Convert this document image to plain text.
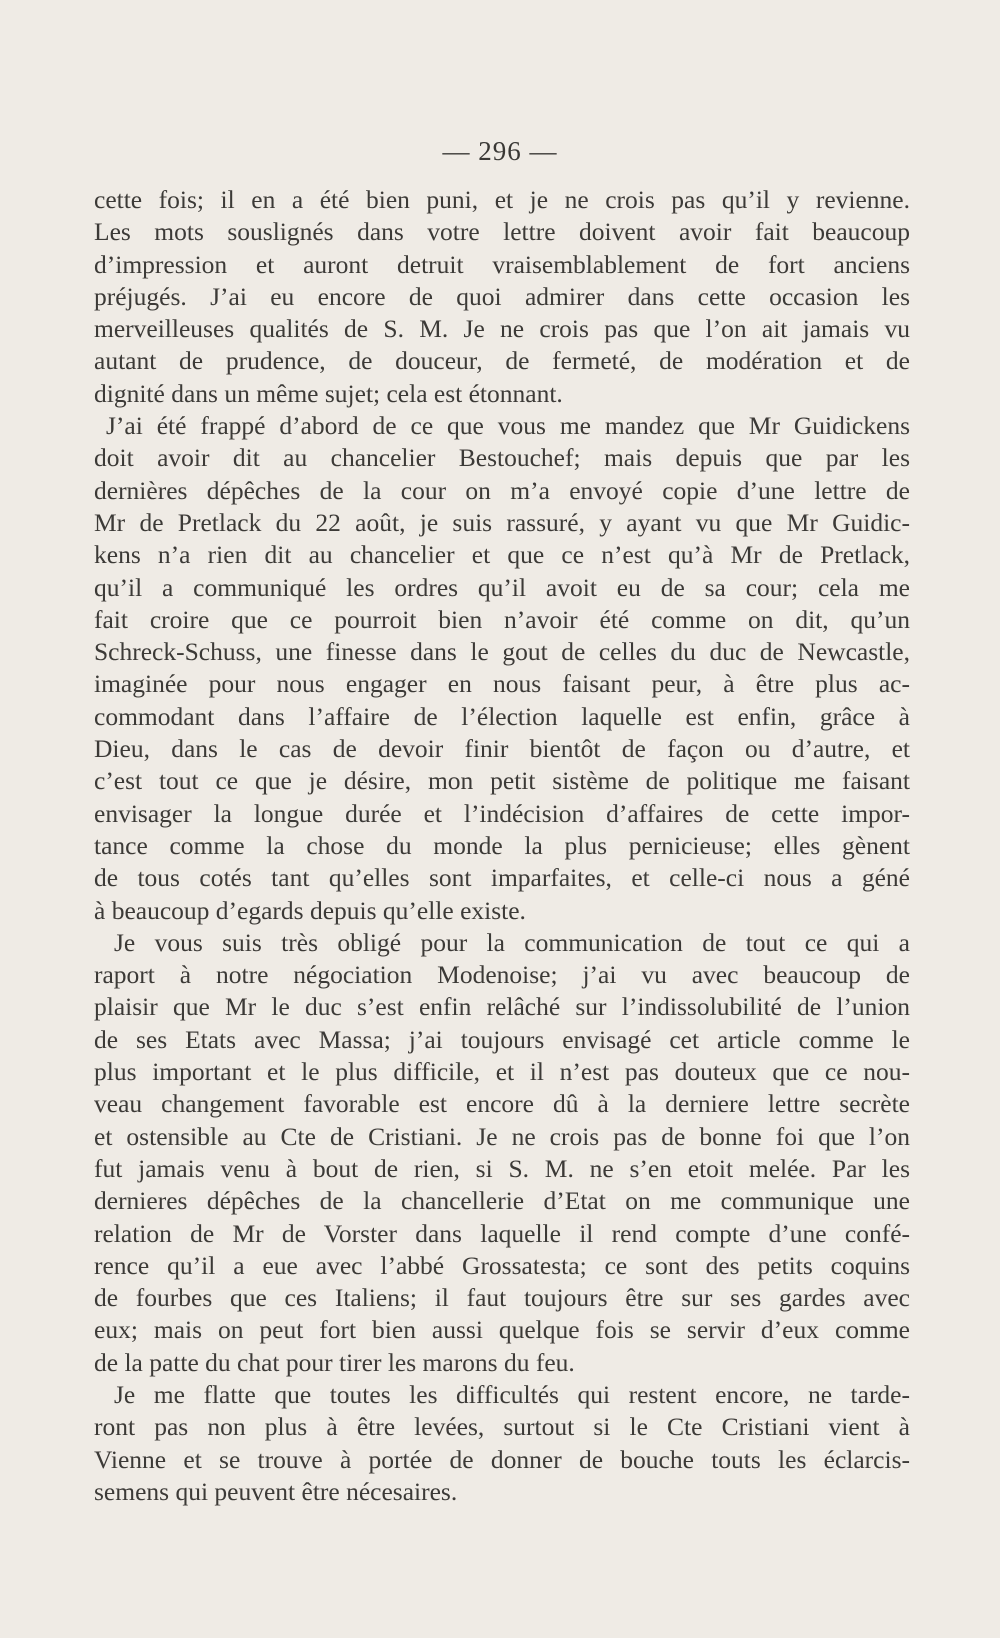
— 296 —
cette fois; il en a été bien puni, et je ne crois pas qu’il y revienne.
Les mots souslignés dans votre lettre doivent avoir fait beaucoup
d’impression et auront detruit vraisemblablement de fort anciens
préjugés. J’ai eu encore de quoi admirer dans cette occasion les
merveilleuses qualités de S. M. Je ne crois pas que l’on ait jamais vu
autant de prudence, de douceur, de fermeté, de modération et de
dignité dans un même sujet; cela est étonnant.
J’ai été frappé d’abord de ce que vous me mandez que Mr Guidickens
doit avoir dit au chancelier Bestouchef; mais depuis que par les
dernières dépêches de la cour on m’a envoyé copie d’une lettre de
Mr de Pretlack du 22 août, je suis rassuré, y ayant vu que Mr Guidic-
kens n’a rien dit au chancelier et que ce n’est qu’à Mr de Pretlack,
qu’il a communiqué les ordres qu’il avoit eu de sa cour; cela me
fait croire que ce pourroit bien n’avoir été comme on dit, qu’un
Schreck-Schuss, une finesse dans le gout de celles du duc de Newcastle,
imaginée pour nous engager en nous faisant peur, à être plus ac-
commodant dans l’affaire de l’élection laquelle est enfin, grâce à
Dieu, dans le cas de devoir finir bientôt de façon ou d’autre, et
c’est tout ce que je désire, mon petit sistème de politique me faisant
envisager la longue durée et l’indécision d’affaires de cette impor-
tance comme la chose du monde la plus pernicieuse; elles gènent
de tous cotés tant qu’elles sont imparfaites, et celle-ci nous a géné
à beaucoup d’egards depuis qu’elle existe.
Je vous suis très obligé pour la communication de tout ce qui a
raport à notre négociation Modenoise; j’ai vu avec beaucoup de
plaisir que Mr le duc s’est enfin relâché sur l’indissolubilité de l’union
de ses Etats avec Massa; j’ai toujours envisagé cet article comme le
plus important et le plus difficile, et il n’est pas douteux que ce nou-
veau changement favorable est encore dû à la derniere lettre secrète
et ostensible au Cte de Cristiani. Je ne crois pas de bonne foi que l’on
fut jamais venu à bout de rien, si S. M. ne s’en etoit melée. Par les
dernieres dépêches de la chancellerie d’Etat on me communique une
relation de Mr de Vorster dans laquelle il rend compte d’une confé-
rence qu’il a eue avec l’abbé Grossatesta; ce sont des petits coquins
de fourbes que ces Italiens; il faut toujours être sur ses gardes avec
eux; mais on peut fort bien aussi quelque fois se servir d’eux comme
de la patte du chat pour tirer les marons du feu.
Je me flatte que toutes les difficultés qui restent encore, ne tarde-
ront pas non plus à être levées, surtout si le Cte Cristiani vient à
Vienne et se trouve à portée de donner de bouche touts les éclarcis-
semens qui peuvent être nécesaires.
